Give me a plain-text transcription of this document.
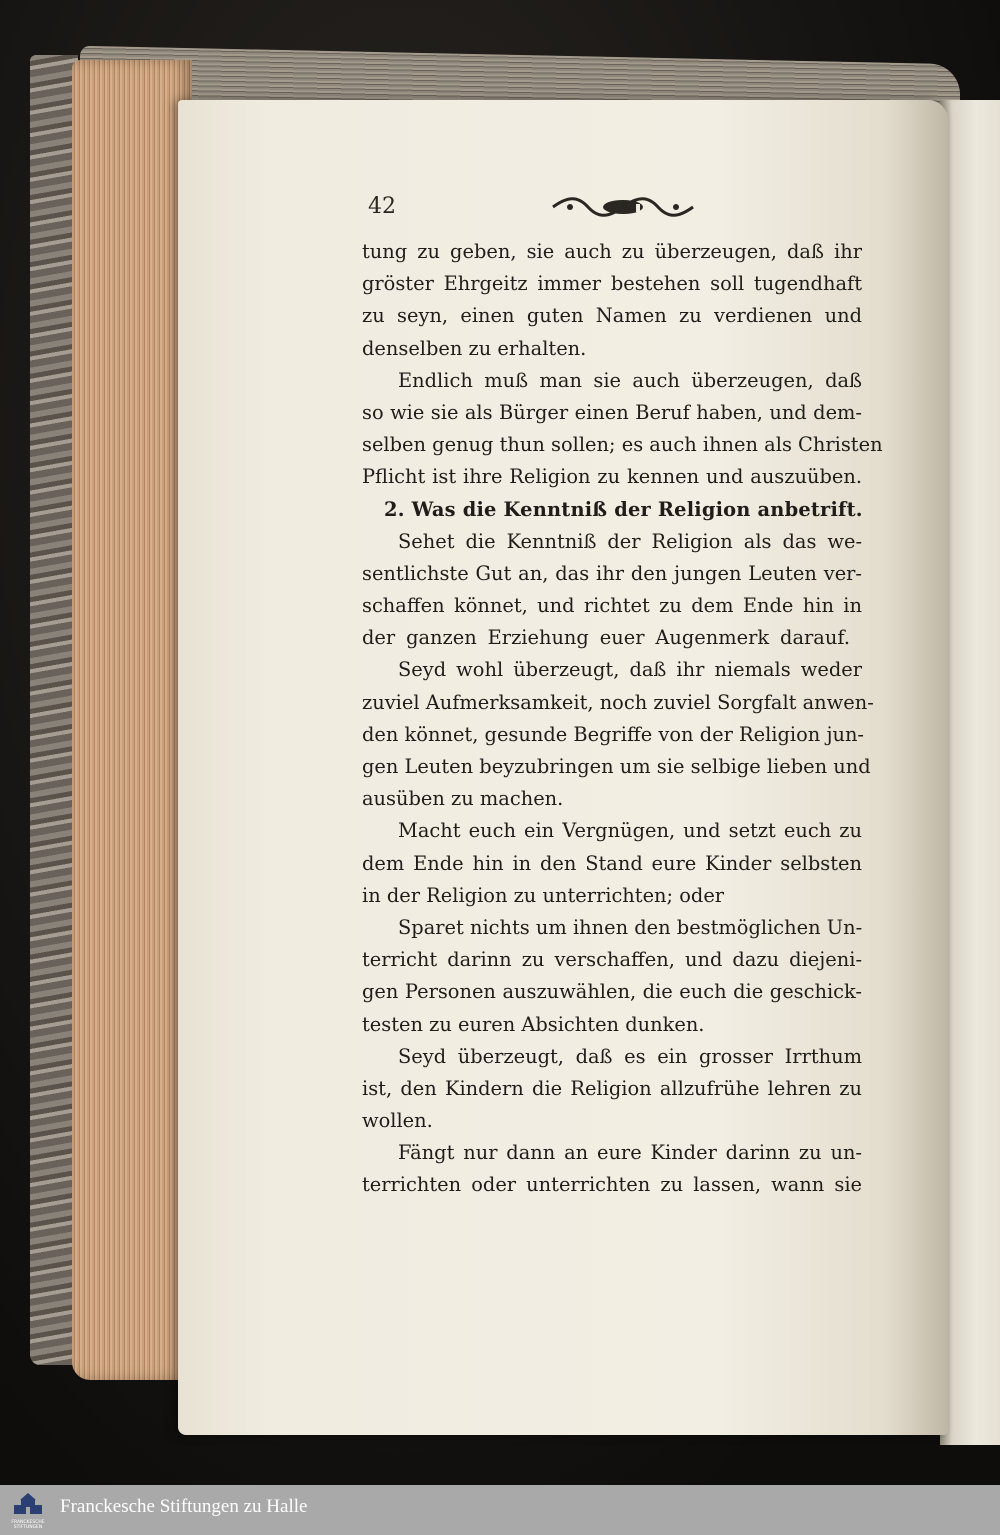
42
tung zu geben, sie auch zu überzeugen, daß ihr
gröster Ehrgeitz immer bestehen soll tugendhaft
zu seyn, einen guten Namen zu verdienen und
denselben zu erhalten.
Endlich muß man sie auch überzeugen, daß
so wie sie als Bürger einen Beruf haben, und dem-
selben genug thun sollen; es auch ihnen als Christen
Pflicht ist ihre Religion zu kennen und auszuüben.
2. Was die Kenntniß der Religion anbetrift.
Sehet die Kenntniß der Religion als das we-
sentlichste Gut an, das ihr den jungen Leuten ver-
schaffen könnet, und richtet zu dem Ende hin in
der ganzen Erziehung euer Augenmerk darauf.
Seyd wohl überzeugt, daß ihr niemals weder
zuviel Aufmerksamkeit, noch zuviel Sorgfalt anwen-
den könnet, gesunde Begriffe von der Religion jun-
gen Leuten beyzubringen um sie selbige lieben und
ausüben zu machen.
Macht euch ein Vergnügen, und setzt euch zu
dem Ende hin in den Stand eure Kinder selbsten
in der Religion zu unterrichten; oder
Sparet nichts um ihnen den bestmöglichen Un-
terricht darinn zu verschaffen, und dazu diejeni-
gen Personen auszuwählen, die euch die geschick-
testen zu euren Absichten dunken.
Seyd überzeugt, daß es ein grosser Irrthum
ist, den Kindern die Religion allzufrühe lehren zu
wollen.
Fängt nur dann an eure Kinder darinn zu un-
terrichten oder unterrichten zu lassen, wann sie
FRANCKESCHE
STIFTUNGEN
Franckesche Stiftungen zu Halle
